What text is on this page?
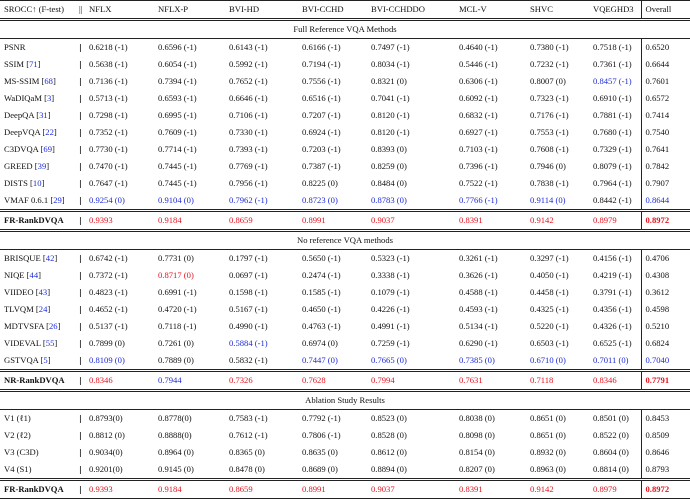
SROCC↑ (F-test)	||	NFLX	NFLX-P	BVI-HD	BVI-CCHD	BVI-CCHDDO	MCL-V	SHVC	VQEGHD3	Overall	
Full Reference VQA Methods											
PSNR	||	0.6218 (-1)	0.6596 (-1)	0.6143 (-1)	0.6166 (-1)	0.7497 (-1)	0.4640 (-1)	0.7380 (-1)	0.7518 (-1)	0.6520	
SSIM [71]	||	0.5638 (-1)	0.6054 (-1)	0.5992 (-1)	0.7194 (-1)	0.8034 (-1)	0.5446 (-1)	0.7232 (-1)	0.7361 (-1)	0.6644	
MS-SSIM [68]	||	0.7136 (-1)	0.7394 (-1)	0.7652 (-1)	0.7556 (-1)	0.8321 (0)	0.6306 (-1)	0.8007 (0)	0.8457 (-1)	0.7601	
WaDIQaM [3]	||	0.5713 (-1)	0.6593 (-1)	0.6646 (-1)	0.6516 (-1)	0.7041 (-1)	0.6092 (-1)	0.7323 (-1)	0.6910 (-1)	0.6572	
DeepQA [31]	||	0.7298 (-1)	0.6995 (-1)	0.7106 (-1)	0.7207 (-1)	0.8120 (-1)	0.6832 (-1)	0.7176 (-1)	0.7881 (-1)	0.7414	
DeepVQA [22]	||	0.7352 (-1)	0.7609 (-1)	0.7330 (-1)	0.6924 (-1)	0.8120 (-1)	0.6927 (-1)	0.7553 (-1)	0.7680 (-1)	0.7540	
C3DVQA [69]	||	0.7730 (-1)	0.7714 (-1)	0.7393 (-1)	0.7203 (-1)	0.8393 (0)	0.7103 (-1)	0.7608 (-1)	0.7329 (-1)	0.7641	
GREED [39]	||	0.7470 (-1)	0.7445 (-1)	0.7769 (-1)	0.7387 (-1)	0.8259 (0)	0.7396 (-1)	0.7946 (0)	0.8079 (-1)	0.7842	
DISTS [10]	||	0.7647 (-1)	0.7445 (-1)	0.7956 (-1)	0.8225 (0)	0.8484 (0)	0.7522 (-1)	0.7838 (-1)	0.7964 (-1)	0.7907	
VMAF 0.6.1 [29]	||	0.9254 (0)	0.9104 (0)	0.7962 (-1)	0.8723 (0)	0.8783 (0)	0.7766 (-1)	0.9114 (0)	0.8442 (-1)	0.8644	
FR-RankDVQA	||	0.9393	0.9184	0.8659	0.8991	0.9037	0.8391	0.9142	0.8979	0.8972	
No reference VQA methods											
BRISQUE [42]	||	0.6742 (-1)	0.7731 (0)	0.1797 (-1)	0.5650 (-1)	0.5323 (-1)	0.3261 (-1)	0.3297 (-1)	0.4156 (-1)	0.4706	
NIQE [44]	||	0.7372 (-1)	0.8717 (0)	0.0697 (-1)	0.2474 (-1)	0.3338 (-1)	0.3626 (-1)	0.4050 (-1)	0.4219 (-1)	0.4308	
VIIDEO [43]	||	0.4823 (-1)	0.6991 (-1)	0.1598 (-1)	0.1585 (-1)	0.1079 (-1)	0.4588 (-1)	0.4458 (-1)	0.3791 (-1)	0.3612	
TLVQM [24]	||	0.4652 (-1)	0.4720 (-1)	0.5167 (-1)	0.4650 (-1)	0.4226 (-1)	0.4593 (-1)	0.4325 (-1)	0.4356 (-1)	0.4598	
MDTVSFA [26]	||	0.5137 (-1)	0.7118 (-1)	0.4990 (-1)	0.4763 (-1)	0.4991 (-1)	0.5134 (-1)	0.5220 (-1)	0.4326 (-1)	0.5210	
VIDEVAL [55]	||	0.7899 (0)	0.7261 (0)	0.5884 (-1)	0.6974 (0)	0.7259 (-1)	0.6290 (-1)	0.6503 (-1)	0.6525 (-1)	0.6824	
GSTVQA [5]	||	0.8109 (0)	0.7889 (0)	0.5832 (-1)	0.7447 (0)	0.7665 (0)	0.7385 (0)	0.6710 (0)	0.7011 (0)	0.7040	
NR-RankDVQA	||	0.8346	0.7944	0.7326	0.7628	0.7994	0.7631	0.7118	0.8346	0.7791	
Ablation Study Results											
V1 (ℓ1)	||	0.8793(0)	0.8778(0)	0.7583 (-1)	0.7792 (-1)	0.8523 (0)	0.8038 (0)	0.8651 (0)	0.8501 (0)	0.8453	
V2 (ℓ2)	||	0.8812 (0)	0.8888(0)	0.7612 (-1)	0.7806 (-1)	0.8528 (0)	0.8098 (0)	0.8651 (0)	0.8522 (0)	0.8509	
V3 (C3D)	||	0.9034(0)	0.8964 (0)	0.8365 (0)	0.8635 (0)	0.8612 (0)	0.8154 (0)	0.8932 (0)	0.8604 (0)	0.8646	
V4 (S1)	||	0.9201(0)	0.9145 (0)	0.8478 (0)	0.8689 (0)	0.8894 (0)	0.8207 (0)	0.8963 (0)	0.8814 (0)	0.8793	
FR-RankDVQA	||	0.9393	0.9184	0.8659	0.8991	0.9037	0.8391	0.9142	0.8979	0.8972	
